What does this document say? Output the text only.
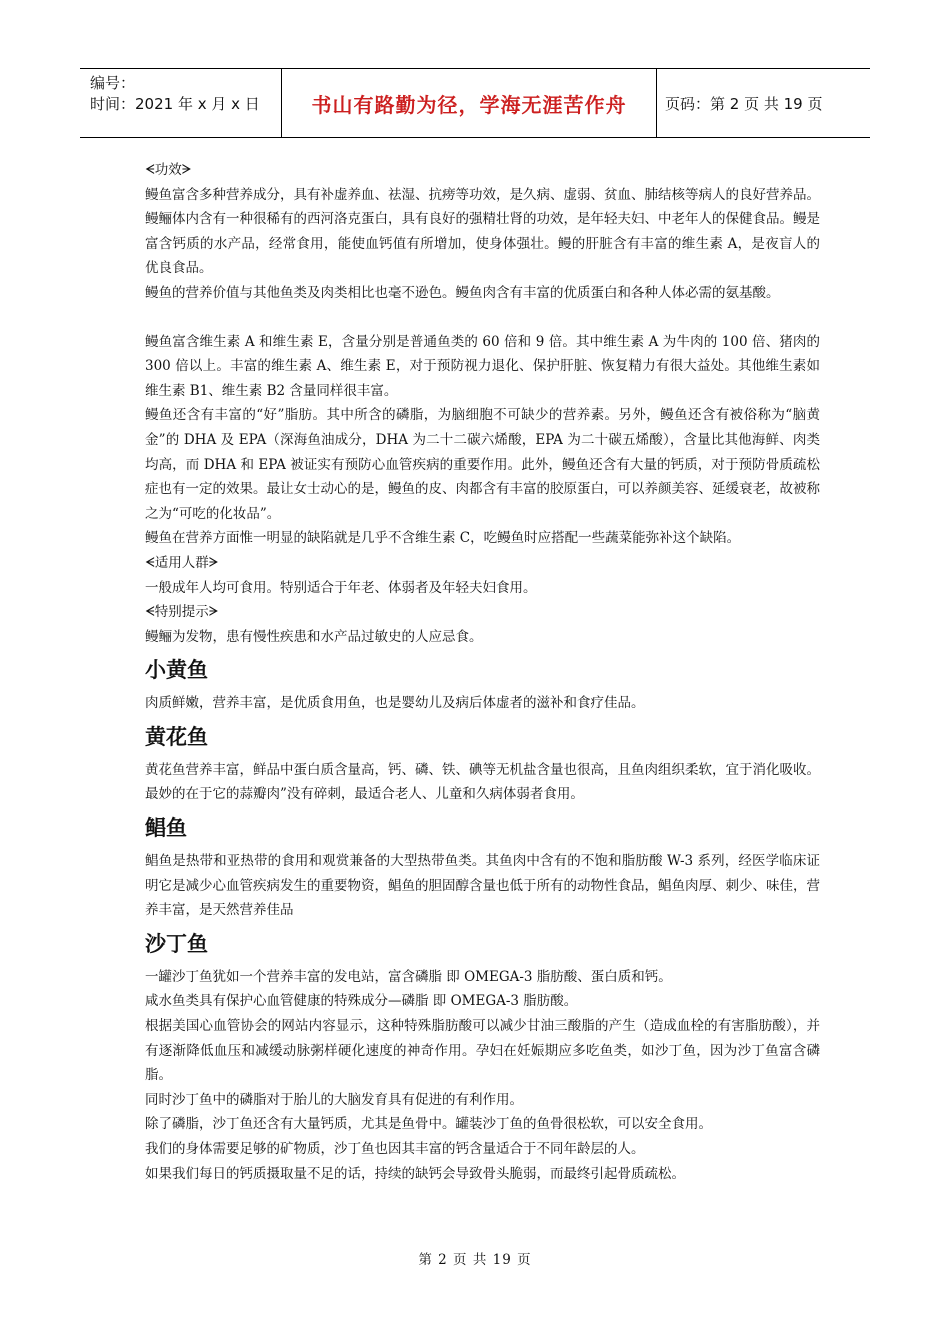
编号：
时间：2021 年 x 月 x 日	书山有路勤为径，学海无涯苦作舟	页码：第 2 页 共 19 页

ᗕ功效ᗒ

鳗鱼富含多种营养成分，具有补虚养血、祛湿、抗痨等功效，是久病、虚弱、贫血、肺结核等病人的良好营养品。鳗鲡体内含有一种很稀有的西河洛克蛋白，具有良好的强精壮肾的功效，是年轻夫妇、中老年人的保健食品。鳗是富含钙质的水产品，经常食用，能使血钙值有所增加，使身体强壮。鳗的肝脏含有丰富的维生素 A，是夜盲人的优良食品。

鳗鱼的营养价值与其他鱼类及肉类相比也毫不逊色。鳗鱼肉含有丰富的优质蛋白和各种人体必需的氨基酸。

鳗鱼富含维生素 A 和维生素 E，含量分别是普通鱼类的 60 倍和 9 倍。其中维生素 A 为牛肉的 100 倍、猪肉的 300 倍以上。丰富的维生素 A、维生素 E，对于预防视力退化、保护肝脏、恢复精力有很大益处。其他维生素如维生素 B1、维生素 B2 含量同样很丰富。

鳗鱼还含有丰富的“好”脂肪。其中所含的磷脂，为脑细胞不可缺少的营养素。另外，鳗鱼还含有被俗称为“脑黄金”的 DHA 及 EPA（深海鱼油成分，DHA 为二十二碳六烯酸，EPA 为二十碳五烯酸），含量比其他海鲜、肉类均高，而 DHA 和 EPA 被证实有预防心血管疾病的重要作用。此外，鳗鱼还含有大量的钙质，对于预防骨质疏松症也有一定的效果。最让女士动心的是，鳗鱼的皮、肉都含有丰富的胶原蛋白，可以养颜美容、延缓衰老，故被称之为“可吃的化妆品”。

鳗鱼在营养方面惟一明显的缺陷就是几乎不含维生素 C，吃鳗鱼时应搭配一些蔬菜能弥补这个缺陷。

ᗕ适用人群ᗒ

一般成年人均可食用。特别适合于年老、体弱者及年轻夫妇食用。

ᗕ特别提示ᗒ

鳗鲡为发物，患有慢性疾患和水产品过敏史的人应忌食。

小黄鱼

肉质鲜嫩，营养丰富，是优质食用鱼，也是婴幼儿及病后体虚者的滋补和食疗佳品。

黄花鱼

黄花鱼营养丰富，鲜品中蛋白质含量高，钙、磷、铁、碘等无机盐含量也很高，且鱼肉组织柔软，宜于消化吸收。最妙的在于它的蒜瓣肉”没有碎刺，最适合老人、儿童和久病体弱者食用。

鲳鱼

鲳鱼是热带和亚热带的食用和观赏兼备的大型热带鱼类。其鱼肉中含有的不饱和脂肪酸 W-3 系列，经医学临床证明它是减少心血管疾病发生的重要物资，鲳鱼的胆固醇含量也低于所有的动物性食品，鲳鱼肉厚、刺少、味佳，营养丰富，是天然营养佳品

沙丁鱼

一罐沙丁鱼犹如一个营养丰富的发电站，富含磷脂 即 OMEGA-3 脂肪酸、蛋白质和钙。

咸水鱼类具有保护心血管健康的特殊成分—磷脂 即 OMEGA-3 脂肪酸。

根据美国心血管协会的网站内容显示，这种特殊脂肪酸可以减少甘油三酸脂的产生（造成血栓的有害脂肪酸），并有逐渐降低血压和减缓动脉粥样硬化速度的神奇作用。孕妇在妊娠期应多吃鱼类，如沙丁鱼，因为沙丁鱼富含磷脂。

同时沙丁鱼中的磷脂对于胎儿的大脑发育具有促进的有利作用。

除了磷脂，沙丁鱼还含有大量钙质，尤其是鱼骨中。罐装沙丁鱼的鱼骨很松软，可以安全食用。

我们的身体需要足够的矿物质，沙丁鱼也因其丰富的钙含量适合于不同年龄层的人。

如果我们每日的钙质摄取量不足的话，持续的缺钙会导致骨头脆弱，而最终引起骨质疏松。

第 2 页 共 19 页
